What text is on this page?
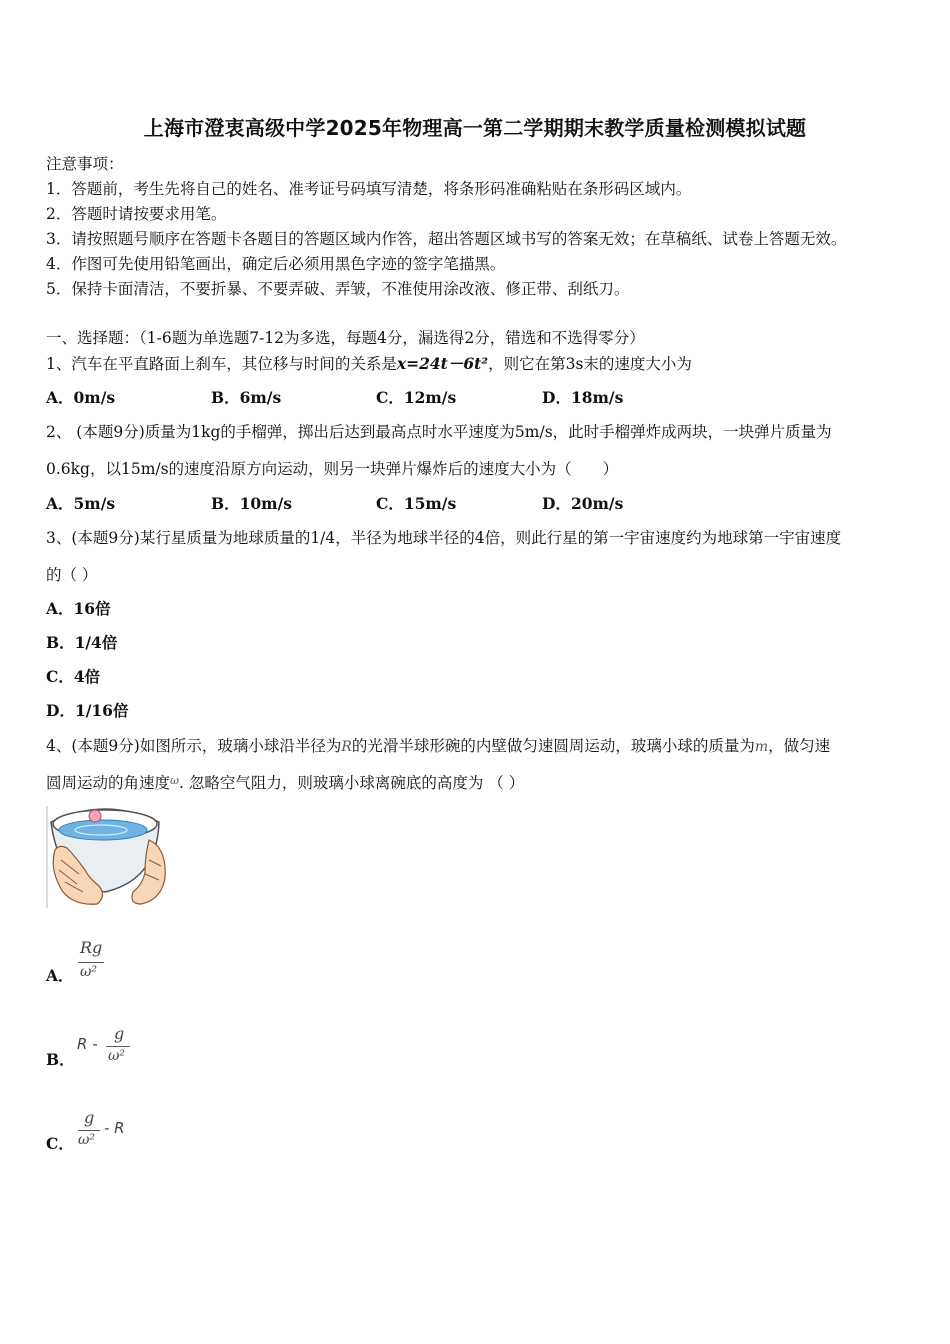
上海市澄衷高级中学2025年物理高一第二学期期末教学质量检测模拟试题
注意事项：
1．答题前，考生先将自己的姓名、准考证号码填写清楚，将条形码准确粘贴在条形码区域内。
2．答题时请按要求用笔。
3．请按照题号顺序在答题卡各题目的答题区域内作答，超出答题区域书写的答案无效；在草稿纸、试卷上答题无效。
4．作图可先使用铅笔画出，确定后必须用黑色字迹的签字笔描黑。
5．保持卡面清洁，不要折暴、不要弄破、弄皱，不准使用涂改液、修正带、刮纸刀。
一、选择题：（1-6题为单选题7-12为多选，每题4分，漏选得2分，错选和不选得零分）
1、汽车在平直路面上刹车，其位移与时间的关系是x=24t－6t²，则它在第3s末的速度大小为
A．0m/s	B．6m/s	C．12m/s	D．18m/s
2、 (本题9分)质量为1kg的手榴弹，掷出后达到最高点时水平速度为5m/s，此时手榴弹炸成两块，一块弹片质量为
0.6kg，以15m/s的速度沿原方向运动，则另一块弹片爆炸后的速度大小为（　　）
A．5m/s	B．10m/s	C．15m/s	D．20m/s
3、(本题9分)某行星质量为地球质量的1/4，半径为地球半径的4倍，则此行星的第一宇宙速度约为地球第一宇宙速度
的（ ）
A．16倍
B．1/4倍
C．4倍
D．1/16倍
4、(本题9分)如图所示，玻璃小球沿半径为R的光滑半球形碗的内壁做匀速圆周运动，玻璃小球的质量为m，做匀速
圆周运动的角速度$^\omega$. 忽略空气阻力，则玻璃小球离碗底的高度为 （ ）
A．
Rg
ω²
B．
R -
g
ω²
C．
g
ω²
- R
